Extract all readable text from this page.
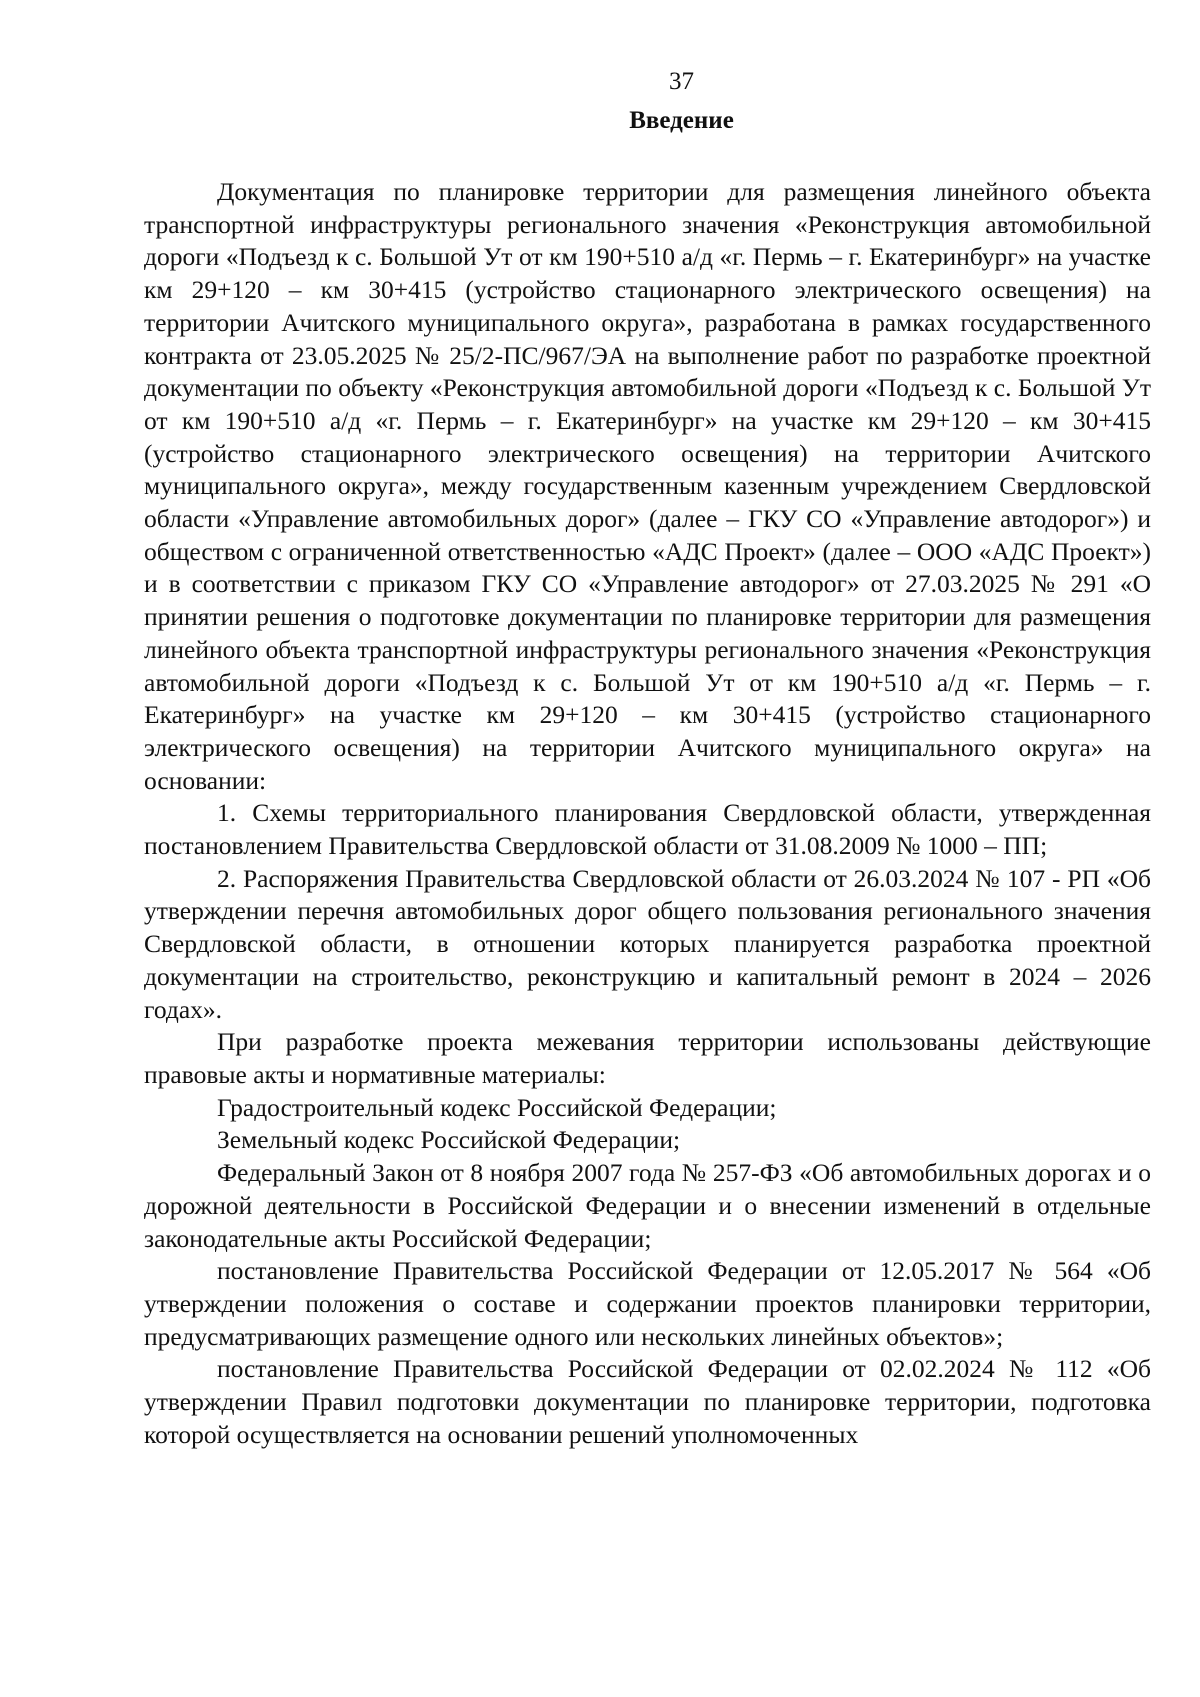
37
Введение

Документация по планировке территории для размещения линейного объекта транспортной инфраструктуры регионального значения «Реконструкция автомобильной дороги «Подъезд к с. Большой Ут от км 190+510 а/д «г. Пермь – г. Екатеринбург» на участке км 29+120 – км 30+415 (устройство стационарного электрического освещения) на территории Ачитского муниципального округа», разработана в рамках государственного контракта от 23.05.2025 № 25/2-ПС/967/ЭА на выполнение работ по разработке проектной документации по объекту «Реконструкция автомобильной дороги «Подъезд к с. Большой Ут от км 190+510 а/д «г. Пермь – г. Екатеринбург» на участке км 29+120 – км 30+415 (устройство стационарного электрического освещения) на территории Ачитского муниципального округа», между государственным казенным учреждением Свердловской области «Управление автомобильных дорог» (далее – ГКУ СО «Управление автодорог») и обществом с ограниченной ответственностью «АДС Проект» (далее – ООО «АДС Проект») и в соответствии с приказом ГКУ СО «Управление автодорог» от 27.03.2025 № 291 «О принятии решения о подготовке документации по планировке территории для размещения линейного объекта транспортной инфраструктуры регионального значения «Реконструкция автомобильной дороги «Подъезд к с. Большой Ут от км 190+510 а/д «г. Пермь – г. Екатеринбург» на участке км 29+120 – км 30+415 (устройство стационарного электрического освещения) на территории Ачитского муниципального округа» на основании:

1. Схемы территориального планирования Свердловской области, утвержденная постановлением Правительства Свердловской области от 31.08.2009 № 1000 – ПП;

2. Распоряжения Правительства Свердловской области от 26.03.2024 № 107 - РП «Об утверждении перечня автомобильных дорог общего пользования регионального значения Свердловской области, в отношении которых планируется разработка проектной документации на строительство, реконструкцию и капитальный ремонт в 2024 – 2026 годах».

При разработке проекта межевания территории использованы действующие правовые акты и нормативные материалы:

Градостроительный кодекс Российской Федерации;

Земельный кодекс Российской Федерации;

Федеральный Закон от 8 ноября 2007 года № 257-ФЗ «Об автомобильных дорогах и о дорожной деятельности в Российской Федерации и о внесении изменений в отдельные законодательные акты Российской Федерации;

постановление Правительства Российской Федерации от 12.05.2017 № 564 «Об утверждении положения о составе и содержании проектов планировки территории, предусматривающих размещение одного или нескольких линейных объектов»;

постановление Правительства Российской Федерации от 02.02.2024 № 112 «Об утверждении Правил подготовки документации по планировке территории, подготовка которой осуществляется на основании решений уполномоченных
